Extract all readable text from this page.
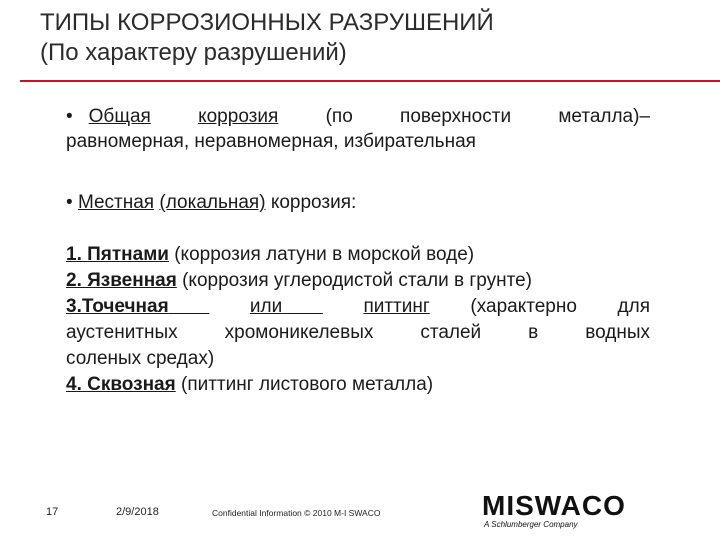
ТИПЫ КОРРОЗИОННЫХ РАЗРУШЕНИЙ
(По характеру разрушений)
• Общая коррозия (по поверхности металла)–
равномерная, неравномерная, избирательная
• Местная (локальная) коррозия:
1. Пятнами (коррозия латуни в морской воде)
2. Язвенная (коррозия углеродистой стали в грунте)
3.Точечная	или	питтинг (характерно для
аустенитных хромоникелевых сталей в водных
соленых средах)
4. Сквозная (питтинг листового металла)
17	2/9/2018	Confidential Information © 2010 M-I SWACO	MISWACO
A Schlumberger Company
